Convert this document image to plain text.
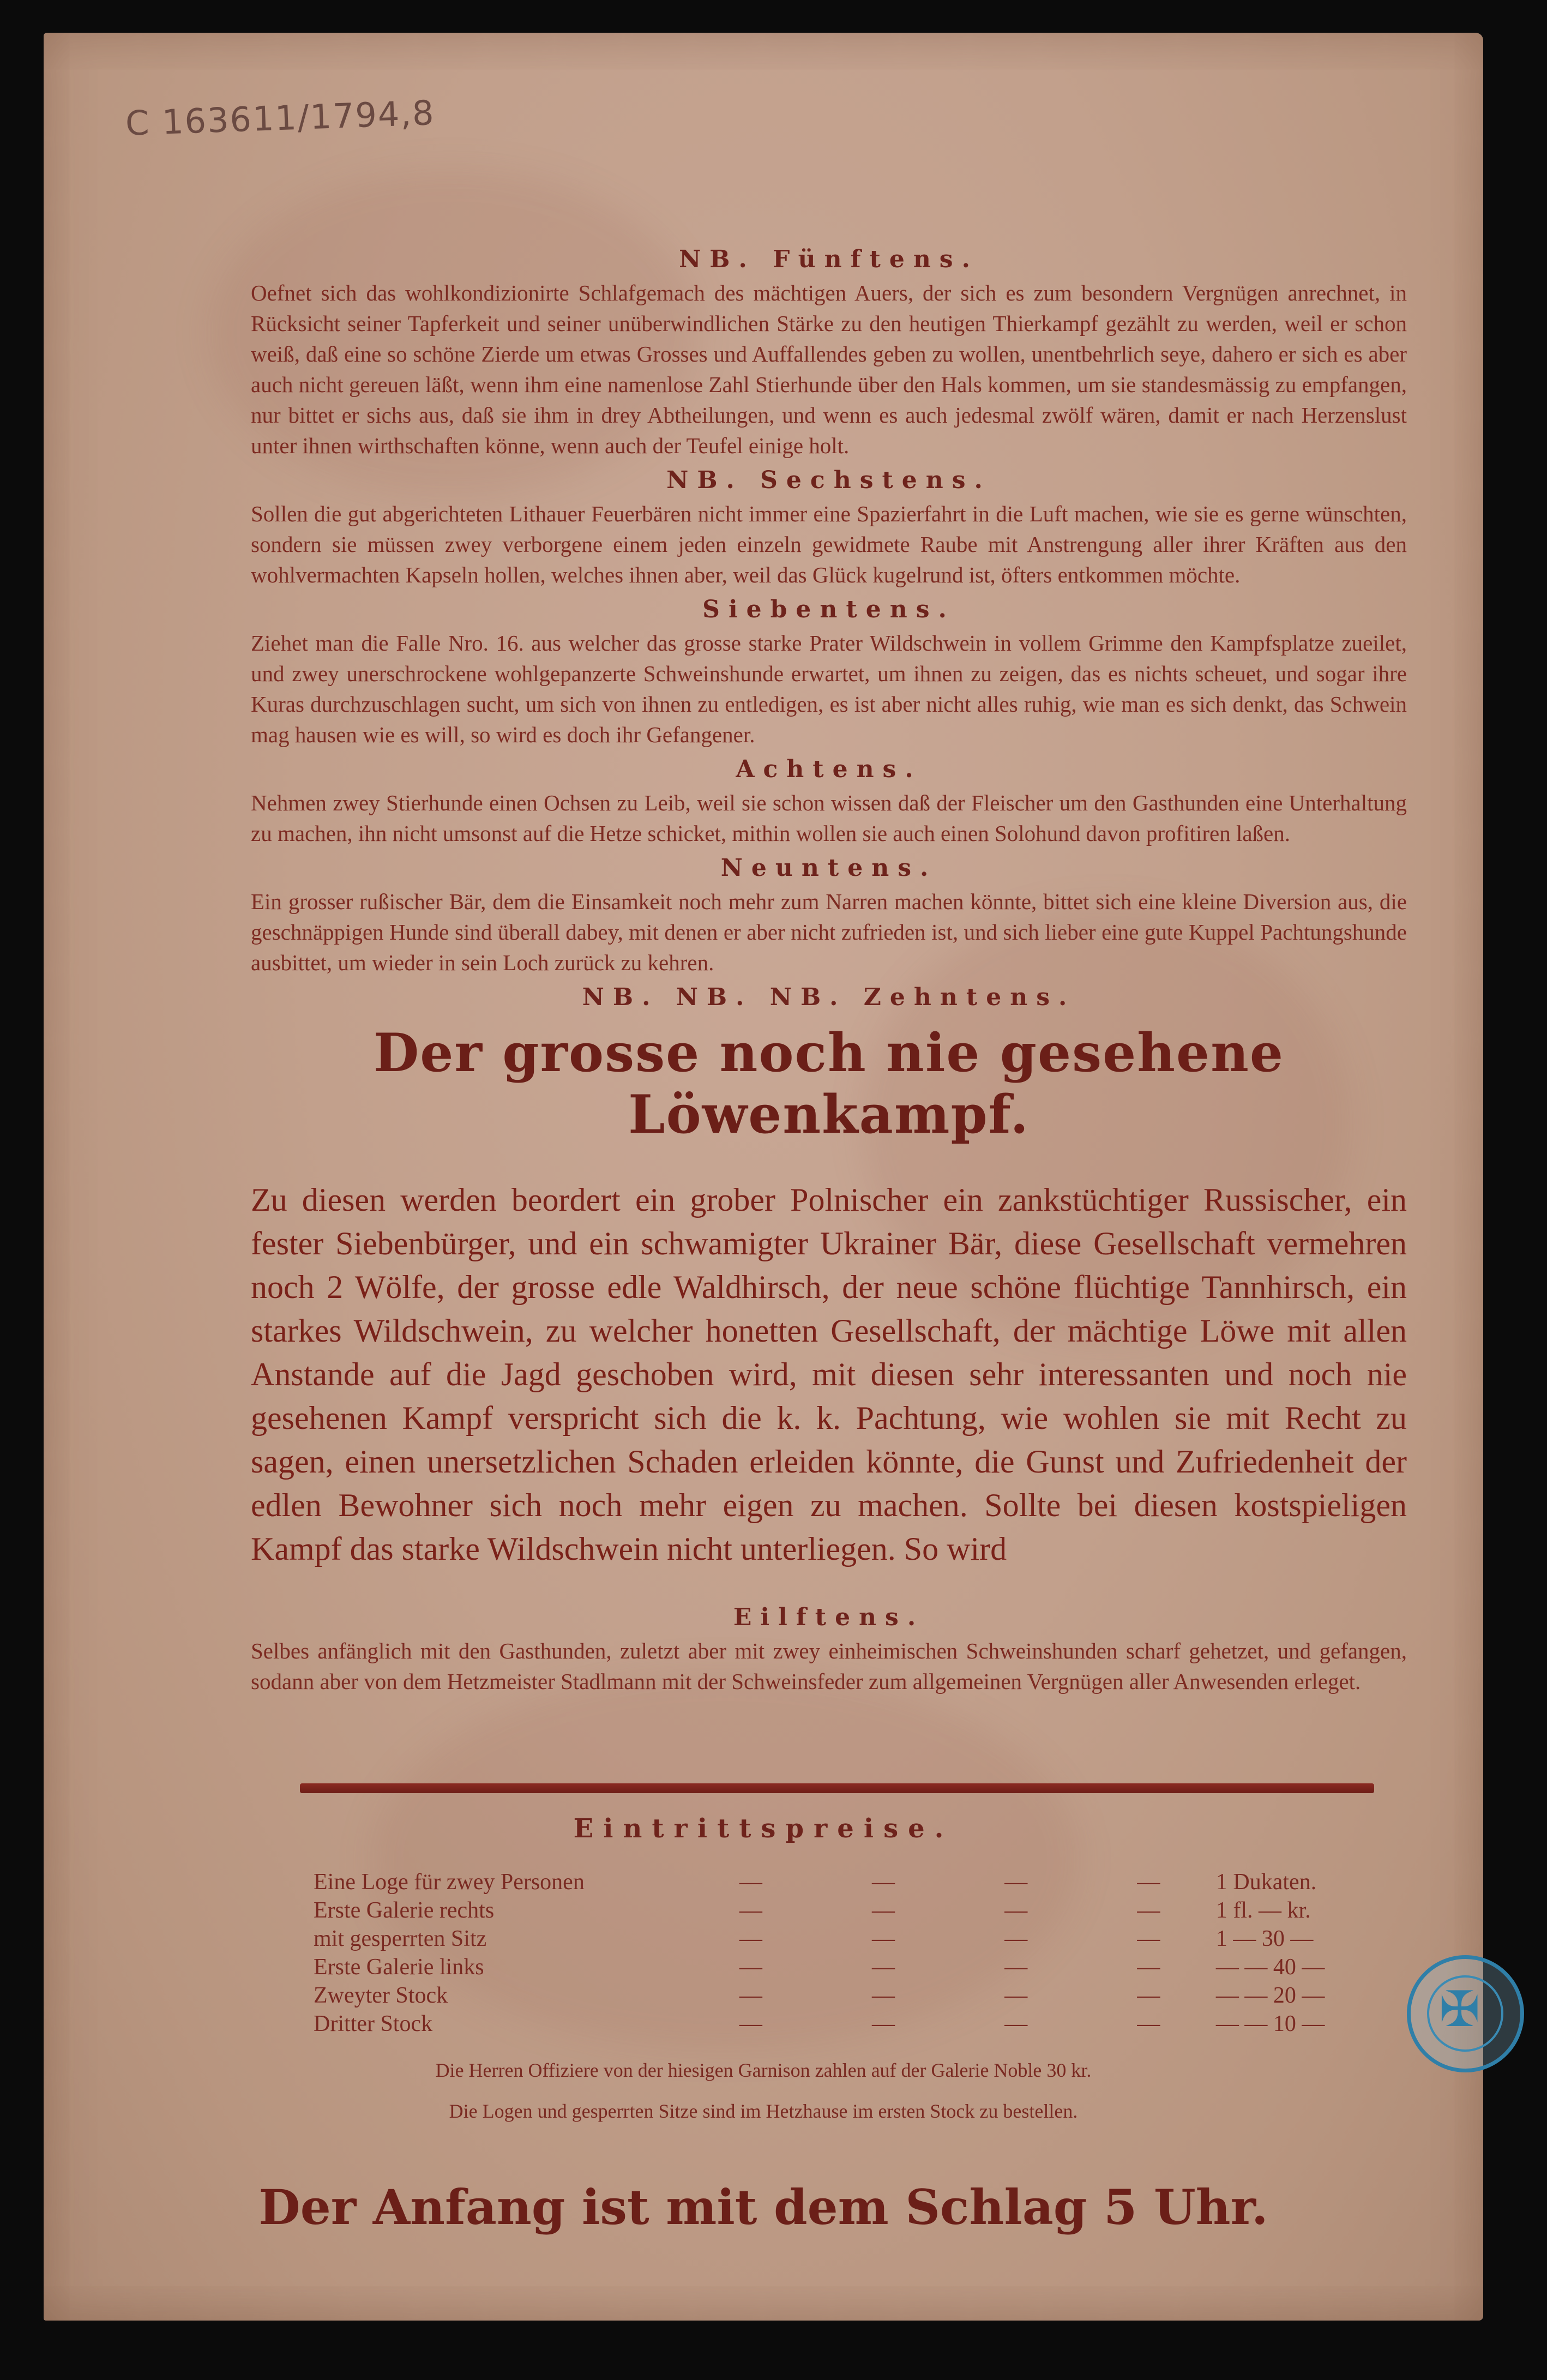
C 163611/1794,8
NB. Fünftens.

Oefnet sich das wohlkondizionirte Schlafgemach des mächtigen Auers, der sich es zum besondern Vergnügen anrechnet, in Rücksicht seiner Tapferkeit und seiner unüberwindlichen Stärke zu den heutigen Thierkampf gezählt zu werden, weil er schon weiß, daß eine so schöne Zierde um etwas Grosses und Auffallendes geben zu wollen, unentbehrlich seye, dahero er sich es aber auch nicht gereuen läßt, wenn ihm eine namenlose Zahl Stierhunde über den Hals kommen, um sie standesmässig zu empfangen, nur bittet er sichs aus, daß sie ihm in drey Abtheilungen, und wenn es auch jedesmal zwölf wären, damit er nach Herzenslust unter ihnen wirthschaften könne, wenn auch der Teufel einige holt.

NB. Sechstens.

Sollen die gut abgerichteten Lithauer Feuerbären nicht immer eine Spazierfahrt in die Luft machen, wie sie es gerne wünschten, sondern sie müssen zwey verborgene einem jeden einzeln gewidmete Raube mit Anstrengung aller ihrer Kräften aus den wohlvermachten Kapseln hollen, welches ihnen aber, weil das Glück kugelrund ist, öfters entkommen möchte.

Siebentens.

Ziehet man die Falle Nro. 16. aus welcher das grosse starke Prater Wildschwein in vollem Grimme den Kampfsplatze zueilet, und zwey unerschrockene wohlgepanzerte Schweinshunde erwartet, um ihnen zu zeigen, das es nichts scheuet, und sogar ihre Kuras durchzuschlagen sucht, um sich von ihnen zu entledigen, es ist aber nicht alles ruhig, wie man es sich denkt, das Schwein mag hausen wie es will, so wird es doch ihr Gefangener.

Achtens.

Nehmen zwey Stierhunde einen Ochsen zu Leib, weil sie schon wissen daß der Fleischer um den Gasthunden eine Unterhaltung zu machen, ihn nicht umsonst auf die Hetze schicket, mithin wollen sie auch einen Solohund davon profitiren laßen.

Neuntens.

Ein grosser rußischer Bär, dem die Einsamkeit noch mehr zum Narren machen könnte, bittet sich eine kleine Diversion aus, die geschnäppigen Hunde sind überall dabey, mit denen er aber nicht zufrieden ist, und sich lieber eine gute Kuppel Pachtungshunde ausbittet, um wieder in sein Loch zurück zu kehren.

NB. NB. NB. Zehntens.
Der grosse noch nie gesehene Löwenkampf.

Zu diesen werden beordert ein grober Polnischer ein zankstüchtiger Russischer, ein fester Siebenbürger, und ein schwamigter Ukrainer Bär, diese Gesellschaft vermehren noch 2 Wölfe, der grosse edle Waldhirsch, der neue schöne flüchtige Tannhirsch, ein starkes Wildschwein, zu welcher honetten Gesellschaft, der mächtige Löwe mit allen Anstande auf die Jagd geschoben wird, mit diesen sehr interessanten und noch nie gesehenen Kampf verspricht sich die k. k. Pachtung, wie wohlen sie mit Recht zu sagen, einen unersetzlichen Schaden erleiden könnte, die Gunst und Zufriedenheit der edlen Bewohner sich noch mehr eigen zu machen. Sollte bei diesen kostspieligen Kampf das starke Wildschwein nicht unterliegen. So wird

Eilftens.

Selbes anfänglich mit den Gasthunden, zuletzt aber mit zwey einheimischen Schweinshunden scharf gehetzet, und gefangen, sodann aber von dem Hetzmeister Stadlmann mit der Schweinsfeder zum allgemeinen Vergnügen aller Anwesenden erleget.

Eintrittspreise.
Eine Loge für zwey Personen	—	—	—	—	1 Dukaten.
Erste Galerie rechts	—	—	—	—	1 fl. — kr.
mit gesperrten Sitz	—	—	—	—	1 — 30 —
Erste Galerie links	—	—	—	—	— — 40 —
Zweyter Stock	—	—	—	—	— — 20 —
Dritter Stock	—	—	—	—	— — 10 —
Die Herren Offiziere von der hiesigen Garnison zahlen auf der Galerie Noble 30 kr.
Die Logen und gesperrten Sitze sind im Hetzhause im ersten Stock zu bestellen.
Der Anfang ist mit dem Schlag 5 Uhr.
✠
